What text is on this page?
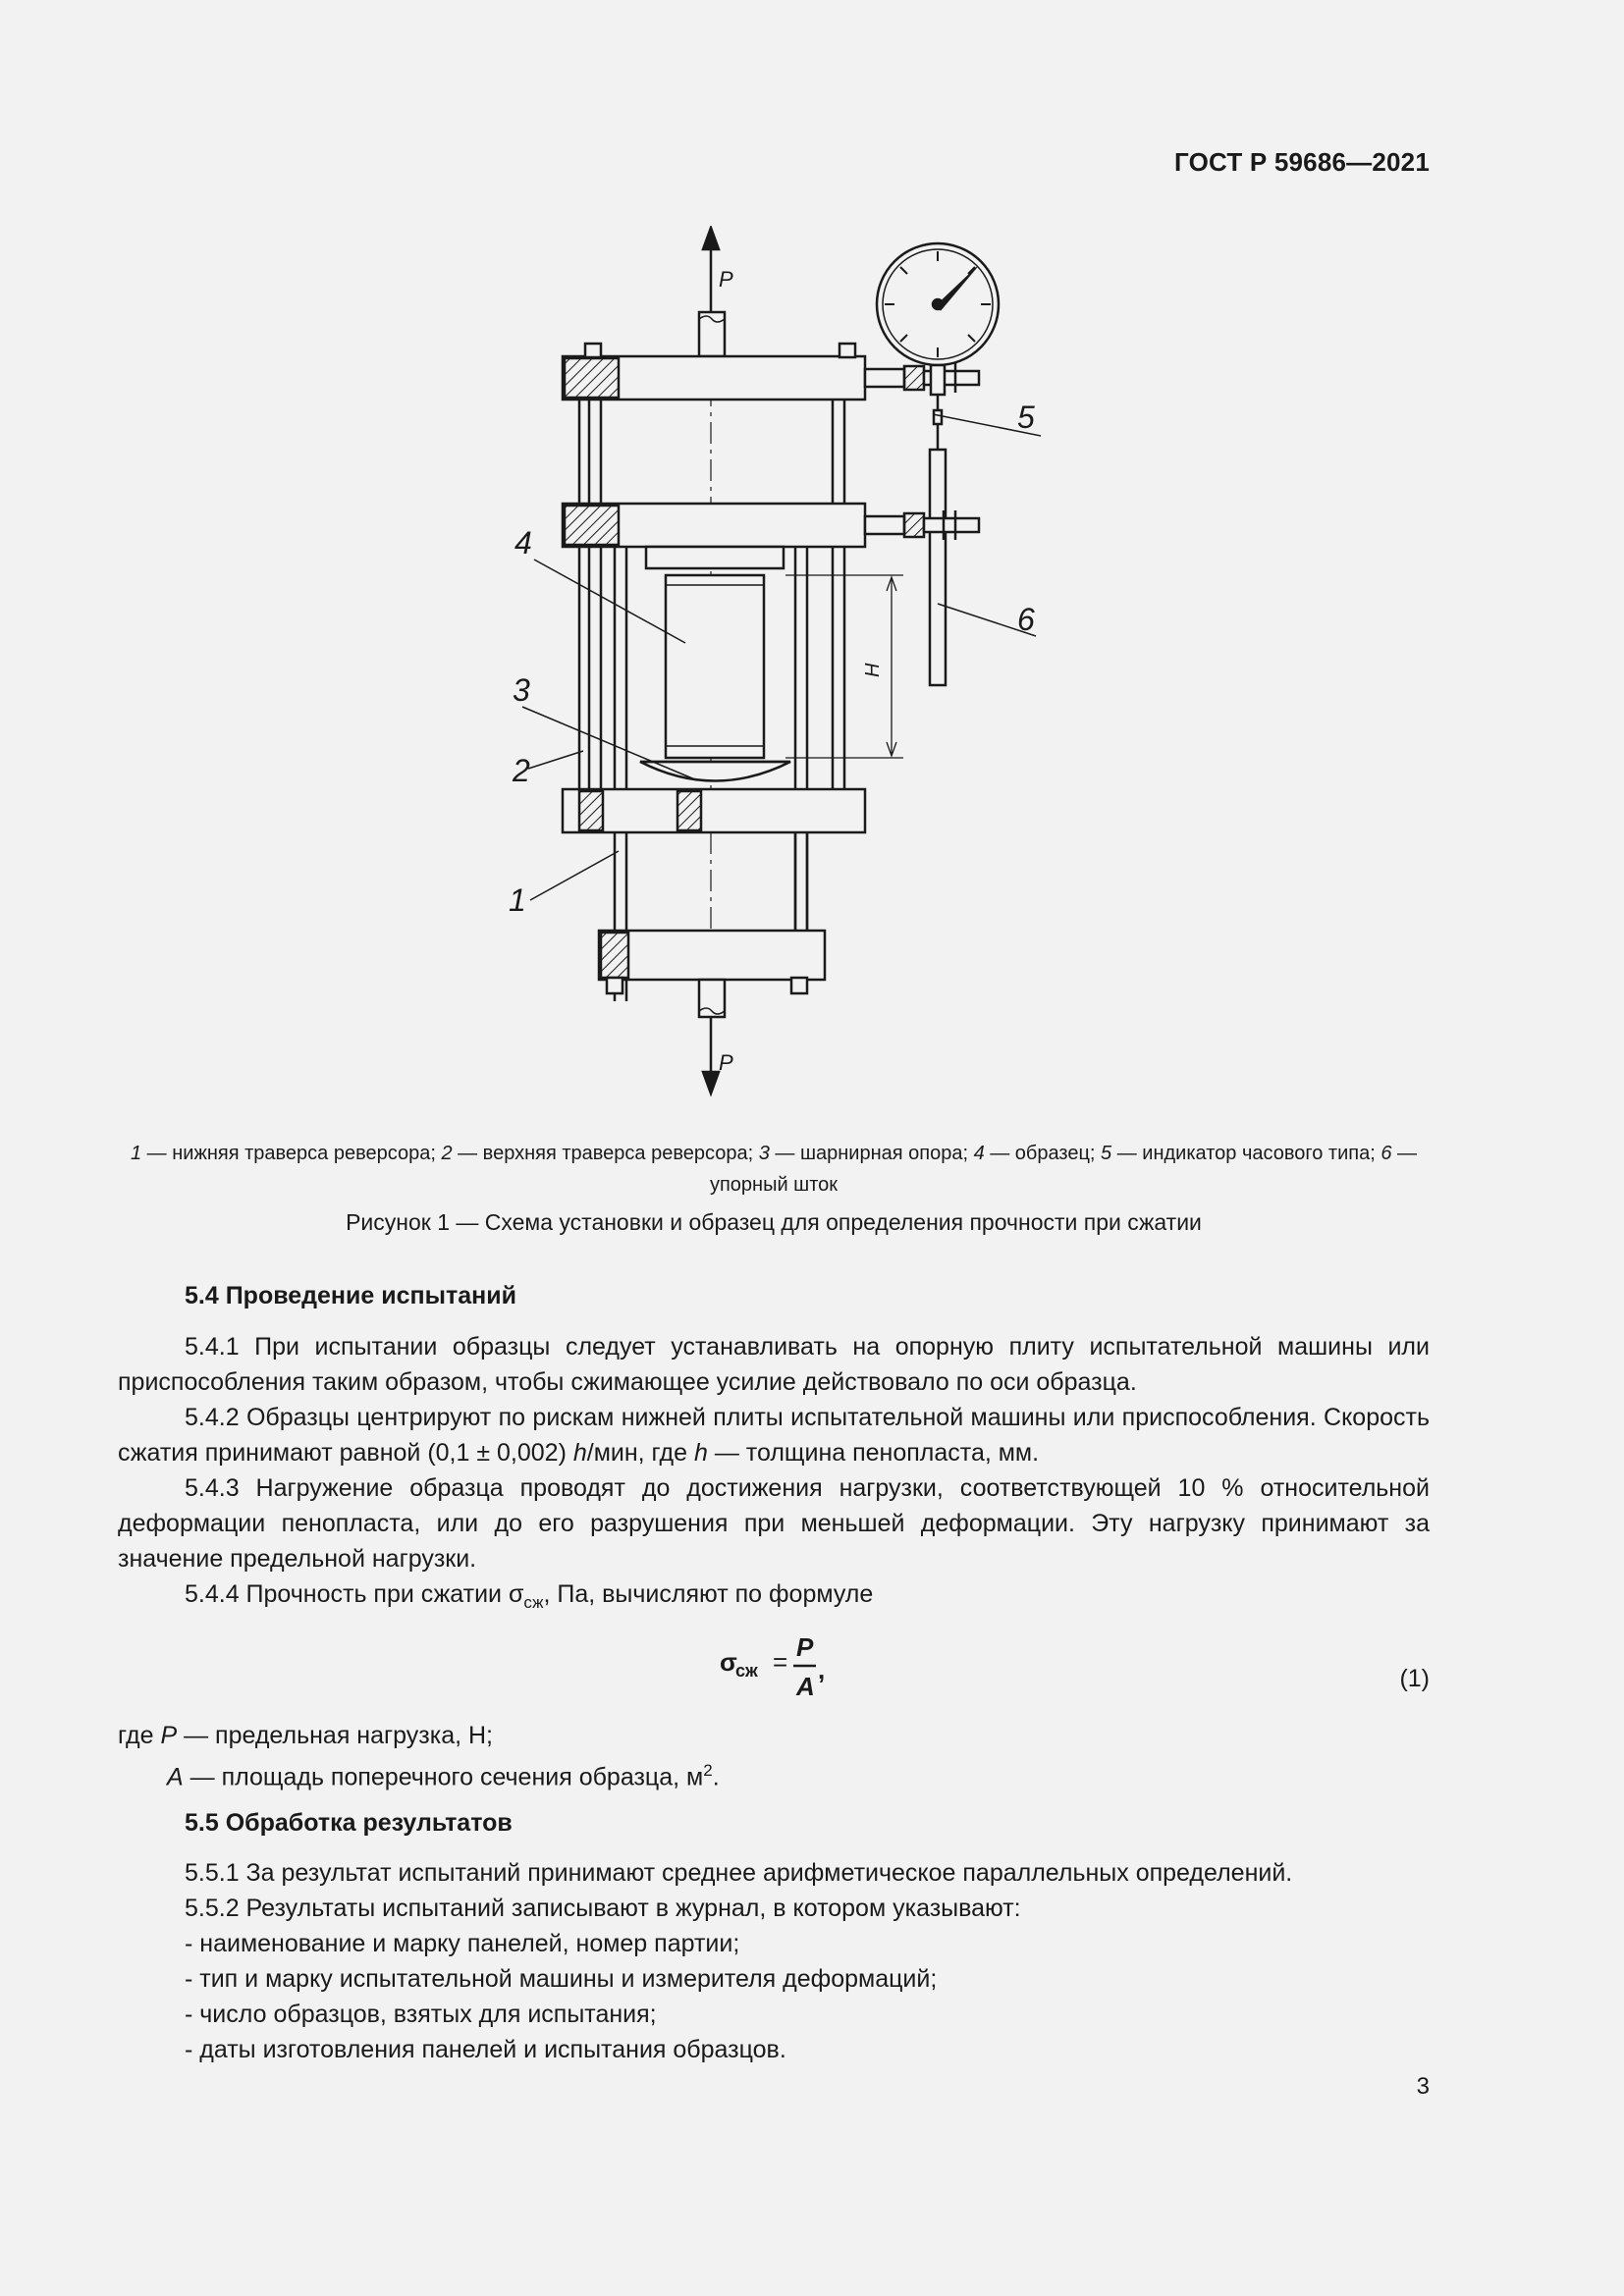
ГОСТ Р 59686—2021
P
P
H
1
2
3
4
5
6
1 — нижняя траверса реверсора; 2 — верхняя траверса реверсора; 3 — шарнирная опора; 4 — образец; 5 — индикатор часового типа; 6 — упорный шток
Рисунок 1 — Схема установки и образец для определения прочности при сжатии
5.4 Проведение испытаний

5.4.1 При испытании образцы следует устанавливать на опорную плиту испытательной машины или приспособления таким образом, чтобы сжимающее усилие действовало по оси образца.

5.4.2 Образцы центрируют по рискам нижней плиты испытательной машины или приспособления. Скорость сжатия принимают равной (0,1 ± 0,002) h/мин, где h — толщина пенопласта, мм.

5.4.3 Нагружение образца проводят до достижения нагрузки, соответствующей 10 % относительной деформации пенопласта, или до его разрушения при меньшей деформации. Эту нагрузку принимают за значение предельной нагрузки.

5.4.4 Прочность при сжатии $\sigma_{сж}$, Па, вычисляют по формуле

σ
сж = P
A
,	(1)
где P — предельная нагрузка, Н;
A — площадь поперечного сечения образца, $м^2$.
5.5 Обработка результатов
5.5.1 За результат испытаний принимают среднее арифметическое параллельных определений.
5.5.2 Результаты испытаний записывают в журнал, в котором указывают:
- наименование и марку панелей, номер партии;
- тип и марку испытательной машины и измерителя деформаций;
- число образцов, взятых для испытания;
- даты изготовления панелей и испытания образцов.
3
